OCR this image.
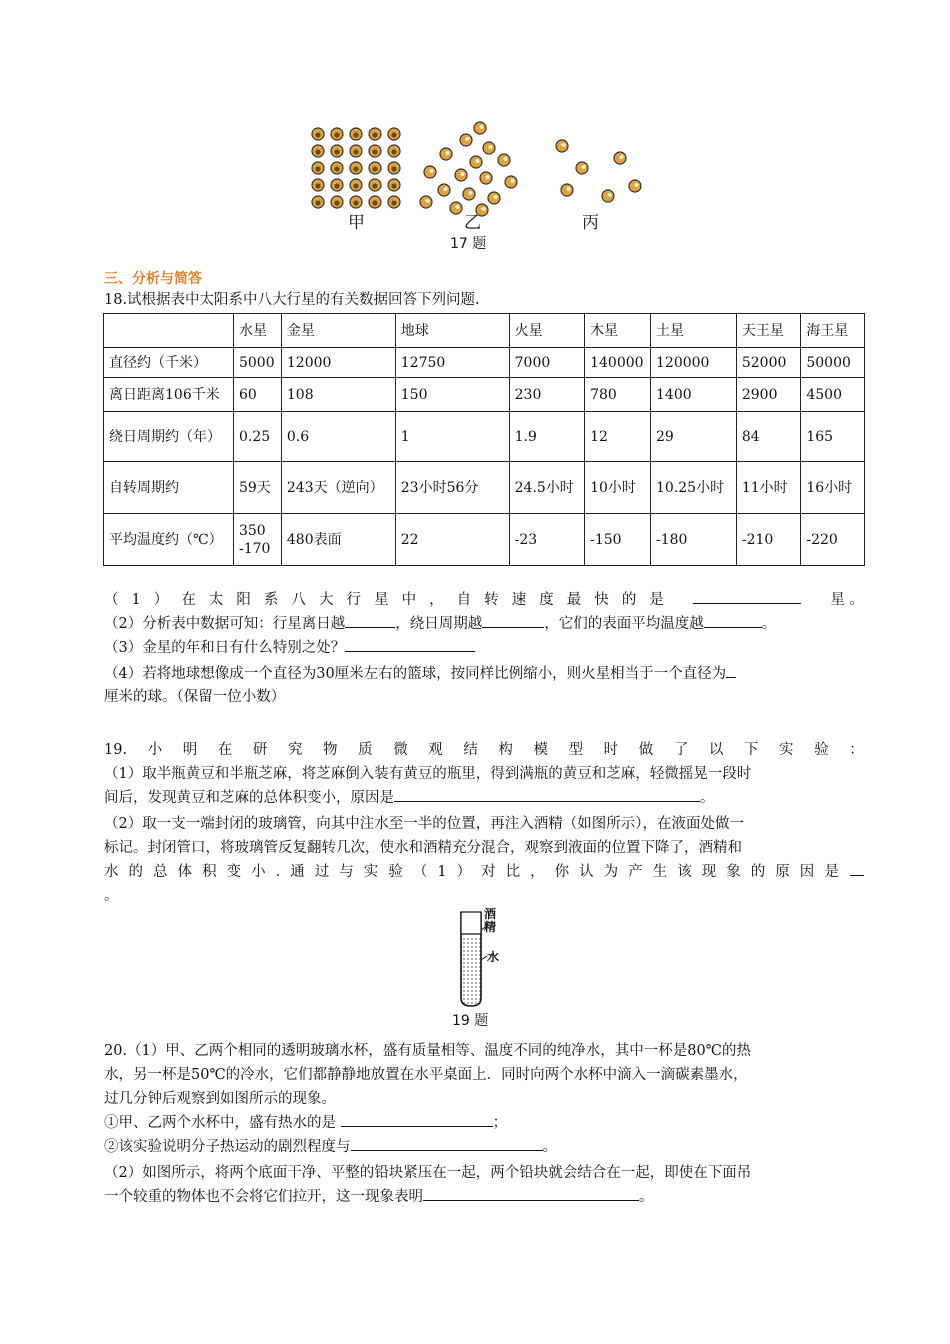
甲	乙	丙
17 题
三、分析与简答
18.试根据表中太阳系中八大行星的有关数据回答下列问题.
	水星	金星	地球	火星	木星	土星	天王星	海王星
直径约（千米）	5000	12000	12750	7000	140000	120000	52000	50000
离日距离106千米	60	108	150	230	780	1400	2900	4500
绕日周期约（年）	0.25	0.6	1	1.9	12	29	84	165
自转周期约	59天	243天（逆向）	23小时56分	24.5小时	10小时	10.25小时	11小时	16小时
平均温度约（℃）	350 -170	480表面	22	-23	-150	-180	-210	-220
（ 1 ） 在 太 阳 系 八 大 行 星 中 ， 自 转 速 度 最 快 的 是	星 。
（2）分析表中数据可知：行星离日越	，绕日周期越	，它们的表面平均温度越	。
（3）金星的年和日有什么特别之处？
（4）若将地球想像成一个直径为30厘米左右的篮球，按同样比例缩小，则火星相当于一个直径为
厘米的球。（保留一位小数）
19. 小 明 在 研 究 物 质 微 观 结 构 模 型 时 做 了 以 下 实 验 ：
（1）取半瓶黄豆和半瓶芝麻，将芝麻倒入装有黄豆的瓶里，得到满瓶的黄豆和芝麻，轻微摇晃一段时
间后，发现黄豆和芝麻的总体积变小，原因是	。
（2）取一支一端封闭的玻璃管，向其中注水至一半的位置，再注入酒精（如图所示），在液面处做一
标记。封闭管口，将玻璃管反复翻转几次，使水和酒精充分混合，观察到液面的位置下降了，酒精和
水 的 总 体 积 变 小 . 通 过 与 实 验 （ 1 ） 对 比 ， 你 认 为 产 生 该 现 象 的 原 因 是
。
酒精
水
19 题
20.（1）甲、乙两个相同的透明玻璃水杯，盛有质量相等、温度不同的纯净水，其中一杯是80℃的热
水，另一杯是50℃的冷水，它们都静静地放置在水平桌面上．同时向两个水杯中滴入一滴碳素墨水，
过几分钟后观察到如图所示的现象。
①甲、乙两个水杯中，盛有热水的是	；
②该实验说明分子热运动的剧烈程度与	。
（2）如图所示，将两个底面干净、平整的铅块紧压在一起，两个铅块就会结合在一起，即使在下面吊
一个较重的物体也不会将它们拉开，这一现象表明	。
